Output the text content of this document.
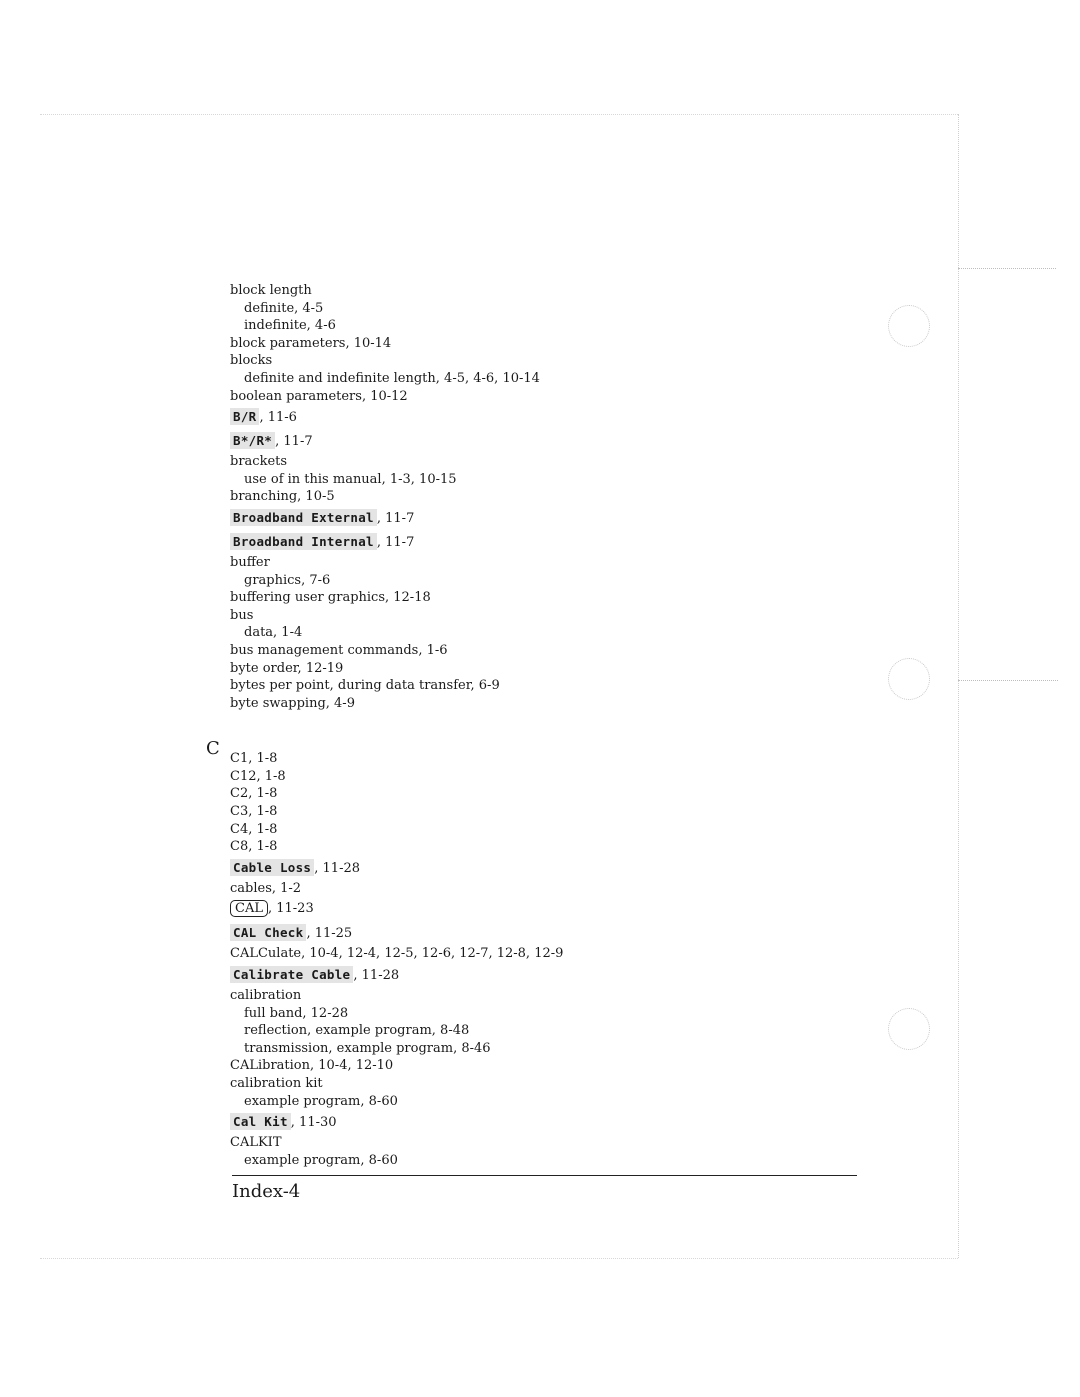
C
block length
definite, 4-5
indefinite, 4-6
block parameters, 10-14
blocks
definite and indefinite length, 4-5, 4-6, 10-14
boolean parameters, 10-12
B/R , 11-6
B*/R* , 11-7
brackets
use of in this manual, 1-3, 10-15
branching, 10-5
Broadband External , 11-7
Broadband Internal , 11-7
buffer
graphics, 7-6
buffering user graphics, 12-18
bus
data, 1-4
bus management commands, 1-6
byte order, 12-19
bytes per point, during data transfer, 6-9
byte swapping, 4-9
C1, 1-8
C12, 1-8
C2, 1-8
C3, 1-8
C4, 1-8
C8, 1-8
Cable Loss , 11-28
cables, 1-2
CAL , 11-23
CAL Check , 11-25
CALCulate, 10-4, 12-4, 12-5, 12-6, 12-7, 12-8, 12-9
Calibrate Cable , 11-28
calibration
full band, 12-28
reflection, example program, 8-48
transmission, example program, 8-46
CALibration, 10-4, 12-10
calibration kit
example program, 8-60
Cal Kit , 11-30
CALKIT
example program, 8-60
Index-4
